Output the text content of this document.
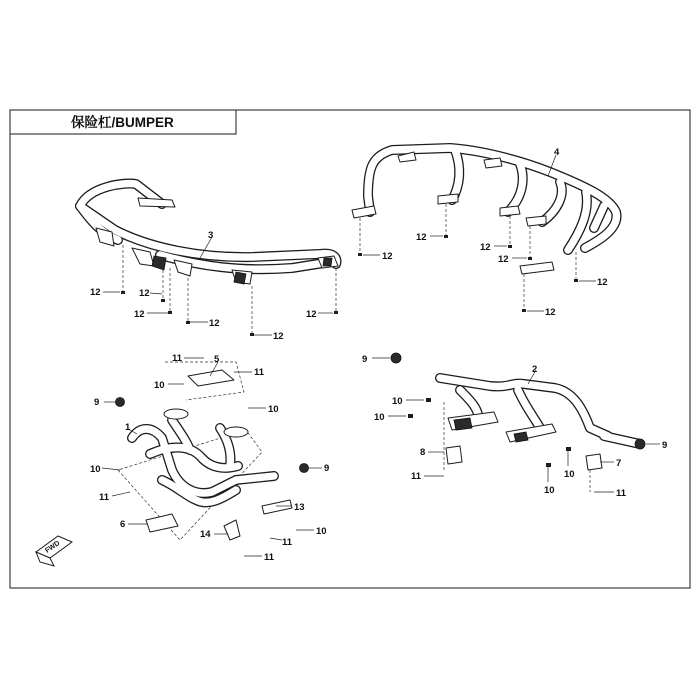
保险杠/BUMPER
3
12	12
12
12
12
12
4
12
12
12
12
12
12
1
5
6
9
9
11
11
10
10
10
11
13
10
11
14
11
2
9
9
10
10
8
11	10
10
7
11
FWD
